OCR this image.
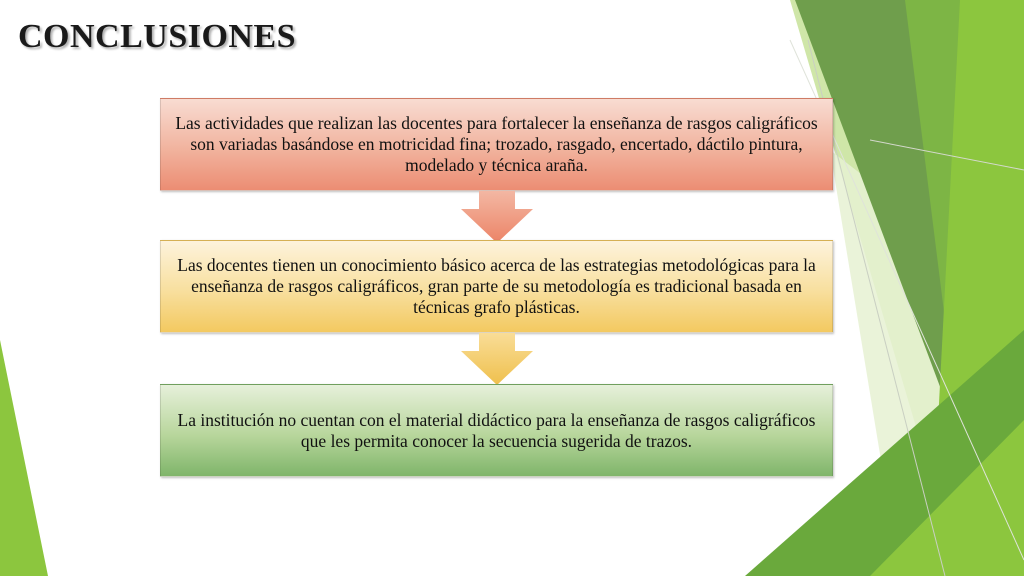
CONCLUSIONES
Las actividades que realizan las docentes para fortalecer la enseñanza de rasgos caligráficos son variadas basándose en motricidad fina; trozado, rasgado, encertado, dáctilo pintura, modelado y técnica araña.
Las docentes tienen un conocimiento básico acerca de las estrategias metodológicas para la enseñanza de rasgos caligráficos, gran parte de su metodología es tradicional basada en técnicas grafo plásticas.
La institución no cuentan con el material didáctico para la enseñanza de rasgos caligráficos que les permita conocer la secuencia sugerida de trazos.
